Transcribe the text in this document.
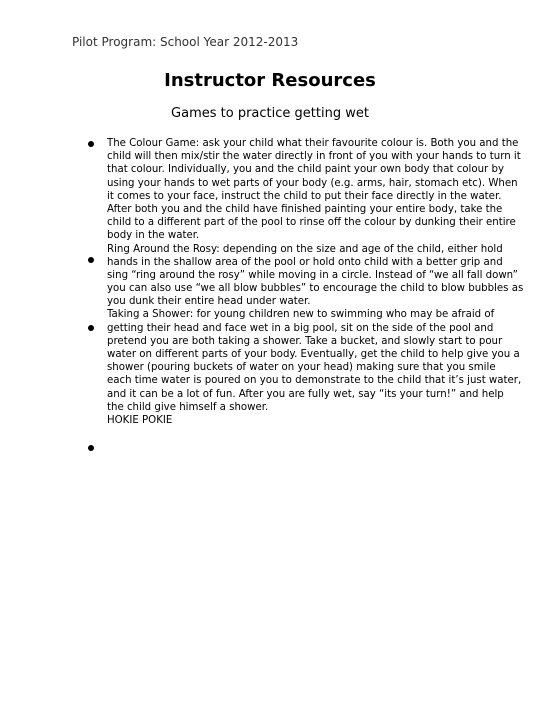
Pilot Program: School Year 2012-2013
Instructor Resources
Games to practice getting wet
The Colour Game: ask your child what their favourite colour is. Both you and the
child will then mix/stir the water directly in front of you with your hands to turn it
that colour. Individually, you and the child paint your own body that colour by
using your hands to wet parts of your body (e.g. arms, hair, stomach etc). When
it comes to your face, instruct the child to put their face directly in the water.
After both you and the child have finished painting your entire body, take the
child to a different part of the pool to rinse off the colour by dunking their entire
body in the water.
Ring Around the Rosy: depending on the size and age of the child, either hold
hands in the shallow area of the pool or hold onto child with a better grip and
sing “ring around the rosy” while moving in a circle. Instead of “we all fall down”
you can also use “we all blow bubbles” to encourage the child to blow bubbles as
you dunk their entire head under water.
Taking a Shower: for young children new to swimming who may be afraid of
getting their head and face wet in a big pool, sit on the side of the pool and
pretend you are both taking a shower. Take a bucket, and slowly start to pour
water on different parts of your body. Eventually, get the child to help give you a
shower (pouring buckets of water on your head) making sure that you smile
each time water is poured on you to demonstrate to the child that it’s just water,
and it can be a lot of fun. After you are fully wet, say “its your turn!” and help
the child give himself a shower.
HOKIE POKIE
